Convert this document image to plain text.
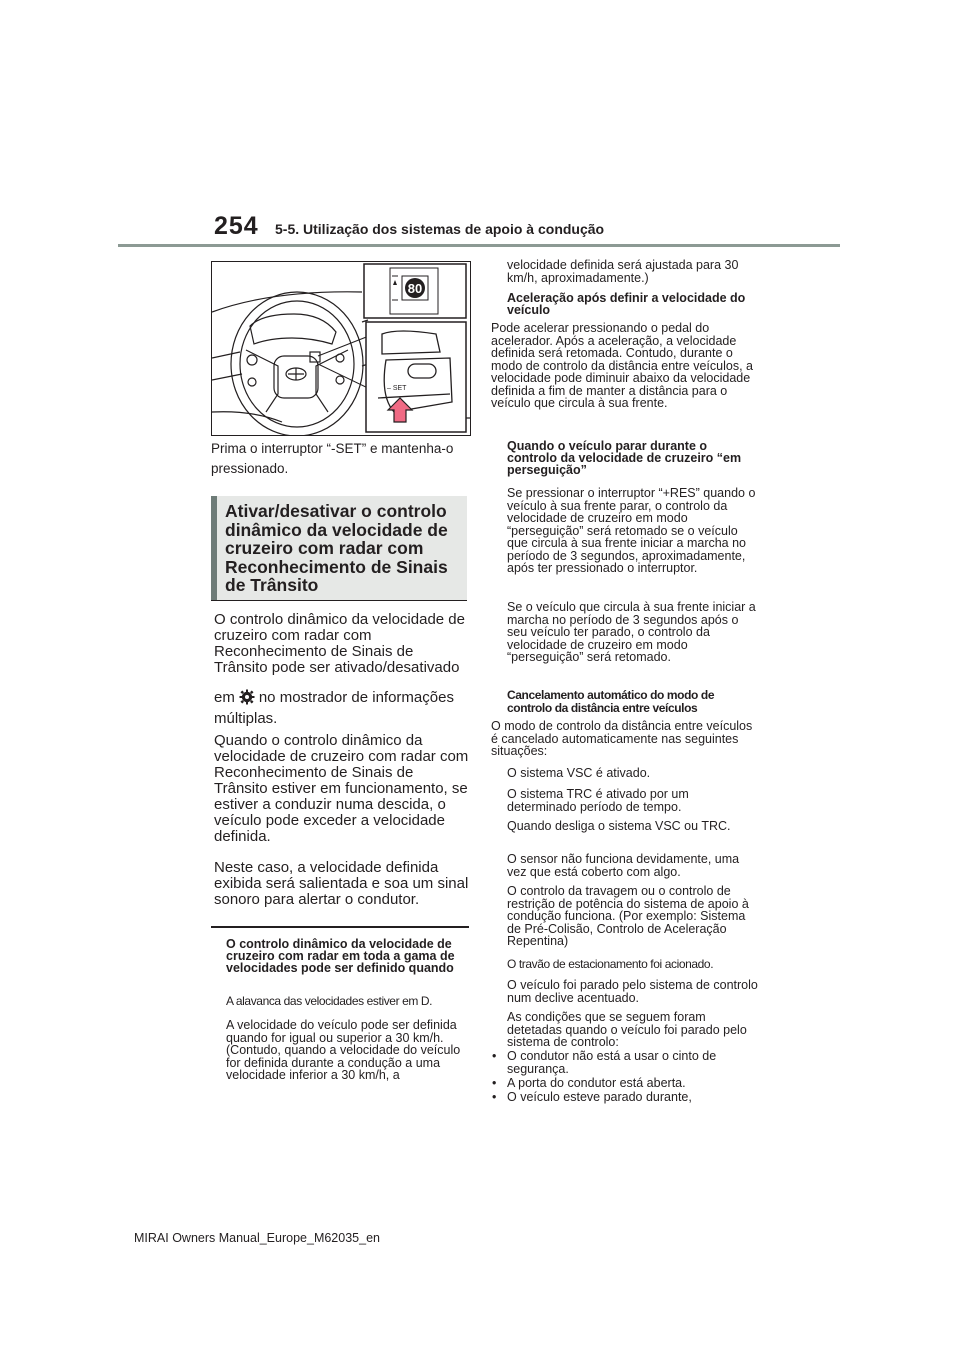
254 5-5. Utilização dos sistemas de apoio à condução
80
– SET
Prima o interruptor “-SET” e mantenha-o pressionado.
Ativar/desativar o controlo dinâmico da velocidade de cruzeiro com radar com Reconhecimento de Sinais de Trânsito
O controlo dinâmico da velocidade de cruzeiro com radar com Reconhecimento de Sinais de Trânsito pode ser ativado/desativado
em no mostrador de informações
múltiplas.
Quando o controlo dinâmico da velocidade de cruzeiro com radar com Reconhecimento de Sinais de Trânsito estiver em funcionamento, se estiver a conduzir numa descida, o veículo pode exceder a velocidade definida.
Neste caso, a velocidade definida exibida será salientada e soa um sinal sonoro para alertar o condutor.
O controlo dinâmico da velocidade de cruzeiro com radar em toda a gama de velocidades pode ser definido quando
A alavanca das velocidades estiver em D.
A velocidade do veículo pode ser definida quando for igual ou superior a 30 km/h.
(Contudo, quando a velocidade do veículo for definida durante a condução a uma velocidade inferior a 30 km/h, a
velocidade definida será ajustada para 30 km/h, aproximadamente.)
Aceleração após definir a velocidade do veículo
Pode acelerar pressionando o pedal do acelerador. Após a aceleração, a velocidade definida será retomada. Contudo, durante o modo de controlo da distância entre veículos, a velocidade pode diminuir abaixo da velocidade definida a fim de manter a distância para o veículo que circula à sua frente.
Quando o veículo parar durante o controlo da velocidade de cruzeiro “em perseguição”
Se pressionar o interruptor “+RES” quando o veículo à sua frente parar, o controlo da velocidade de cruzeiro em modo “perseguição” será retomado se o veículo que circula à sua frente iniciar a marcha no período de 3 segundos, aproximadamente, após ter pressionado o interruptor.
Se o veículo que circula à sua frente iniciar a marcha no período de 3 segundos após o seu veículo ter parado, o controlo da velocidade de cruzeiro em modo “perseguição” será retomado.
Cancelamento automático do modo de controlo da distância entre veículos
O modo de controlo da distância entre veículos é cancelado automaticamente nas seguintes situações:
O sistema VSC é ativado.
O sistema TRC é ativado por um determinado período de tempo.
Quando desliga o sistema VSC ou TRC.
O sensor não funciona devidamente, uma vez que está coberto com algo.
O controlo da travagem ou o controlo de restrição de potência do sistema de apoio à condução funciona. (Por exemplo: Sistema de Pré-Colisão, Controlo de Aceleração Repentina)
O travão de estacionamento foi acionado.
O veículo foi parado pelo sistema de controlo num declive acentuado.
As condições que se seguem foram detetadas quando o veículo foi parado pelo sistema de controlo:
• O condutor não está a usar o cinto de segurança.
• A porta do condutor está aberta.
• O veículo esteve parado durante,
MIRAI Owners Manual_Europe_M62035_en
